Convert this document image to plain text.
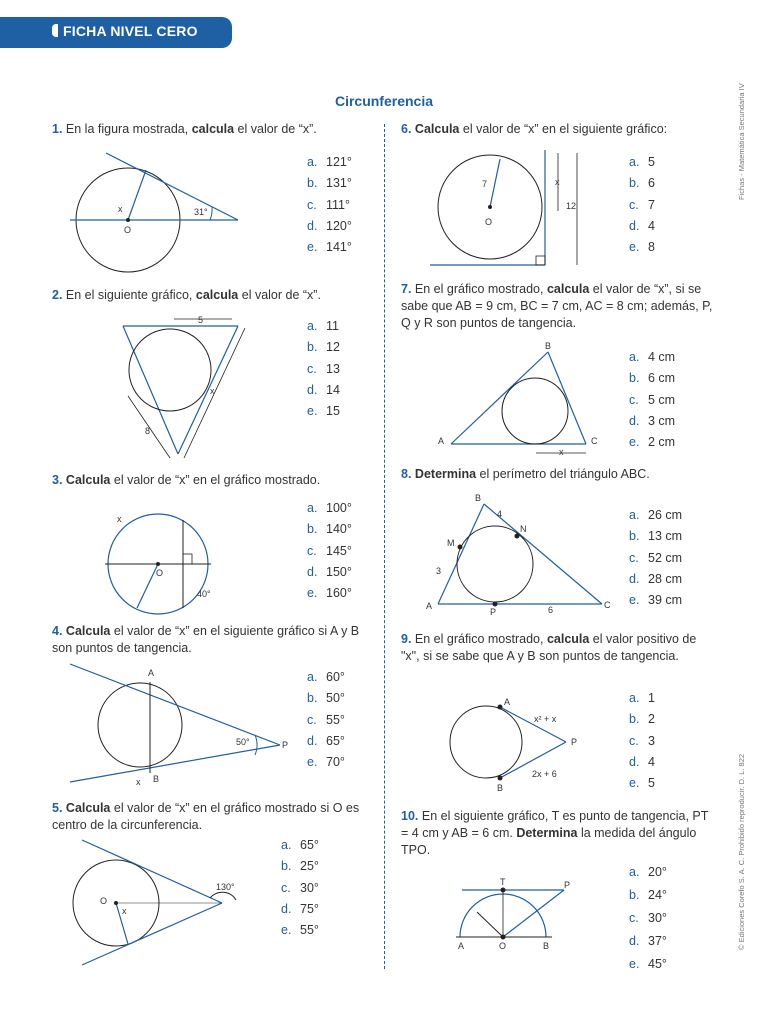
FICHA NIVEL CERO
Circunferencia	Fichas - Matemática Secundaria IV
© Ediciones Corefo S. A. C. Prohibido reproducir. D. L. 822
1. En la figura mostrada, calcula el valor de “x”.
a. 121°
b. 131°
c. 111°
d. 120°
e. 141°
x
O
31°
2. En el siguiente gráfico, calcula el valor de “x”.
a. 11
b. 12
c. 13
d. 14
e. 15
5
8
x
3. Calcula el valor de “x” en el gráfico mostrado.
a. 100°
b. 140°
c. 145°
d. 150°
e. 160°
x
O
40°
4. Calcula el valor de “x” en el siguiente gráfico si A y B son puntos de tangencia.
a. 60°
b. 50°
c. 55°
d. 65°
e. 70°
A
B
x
P
50°
5. Calcula el valor de “x” en el gráfico mostrado si O es centro de la circunferencia.
a. 65°
b. 25°
c. 30°
d. 75°
e. 55°
O
x
130°
6. Calcula el valor de “x” en el siguiente gráfico:
a. 5
b. 6
c. 7
d. 4
e. 8
7
O
x
12
7. En el gráfico mostrado, calcula el valor de “x”, si se sabe que AB = 9 cm, BC = 7 cm, AC = 8 cm; además, P, Q y R son puntos de tangencia.
a. 4 cm
b. 6 cm
c. 5 cm
d. 3 cm
e. 2 cm
A
B
C
x
8. Determina el perímetro del triángulo ABC.
a. 26 cm
b. 13 cm
c. 52 cm
d. 28 cm
e. 39 cm
A
B
C
M
N
P
4
3
6
9. En el gráfico mostrado, calcula el valor positivo de "x", si se sabe que A y B son puntos de tangencia.
a. 1
b. 2
c. 3
d. 4
e. 5
A
B
P
x² + x
2x + 6
10. En el siguiente gráfico, T es punto de tangencia, PT = 4 cm y AB = 6 cm. Determina la medida del ángulo TPO.
a. 20°
b. 24°
c. 30°
d. 37°
e. 45°
A	O	B
T	P
